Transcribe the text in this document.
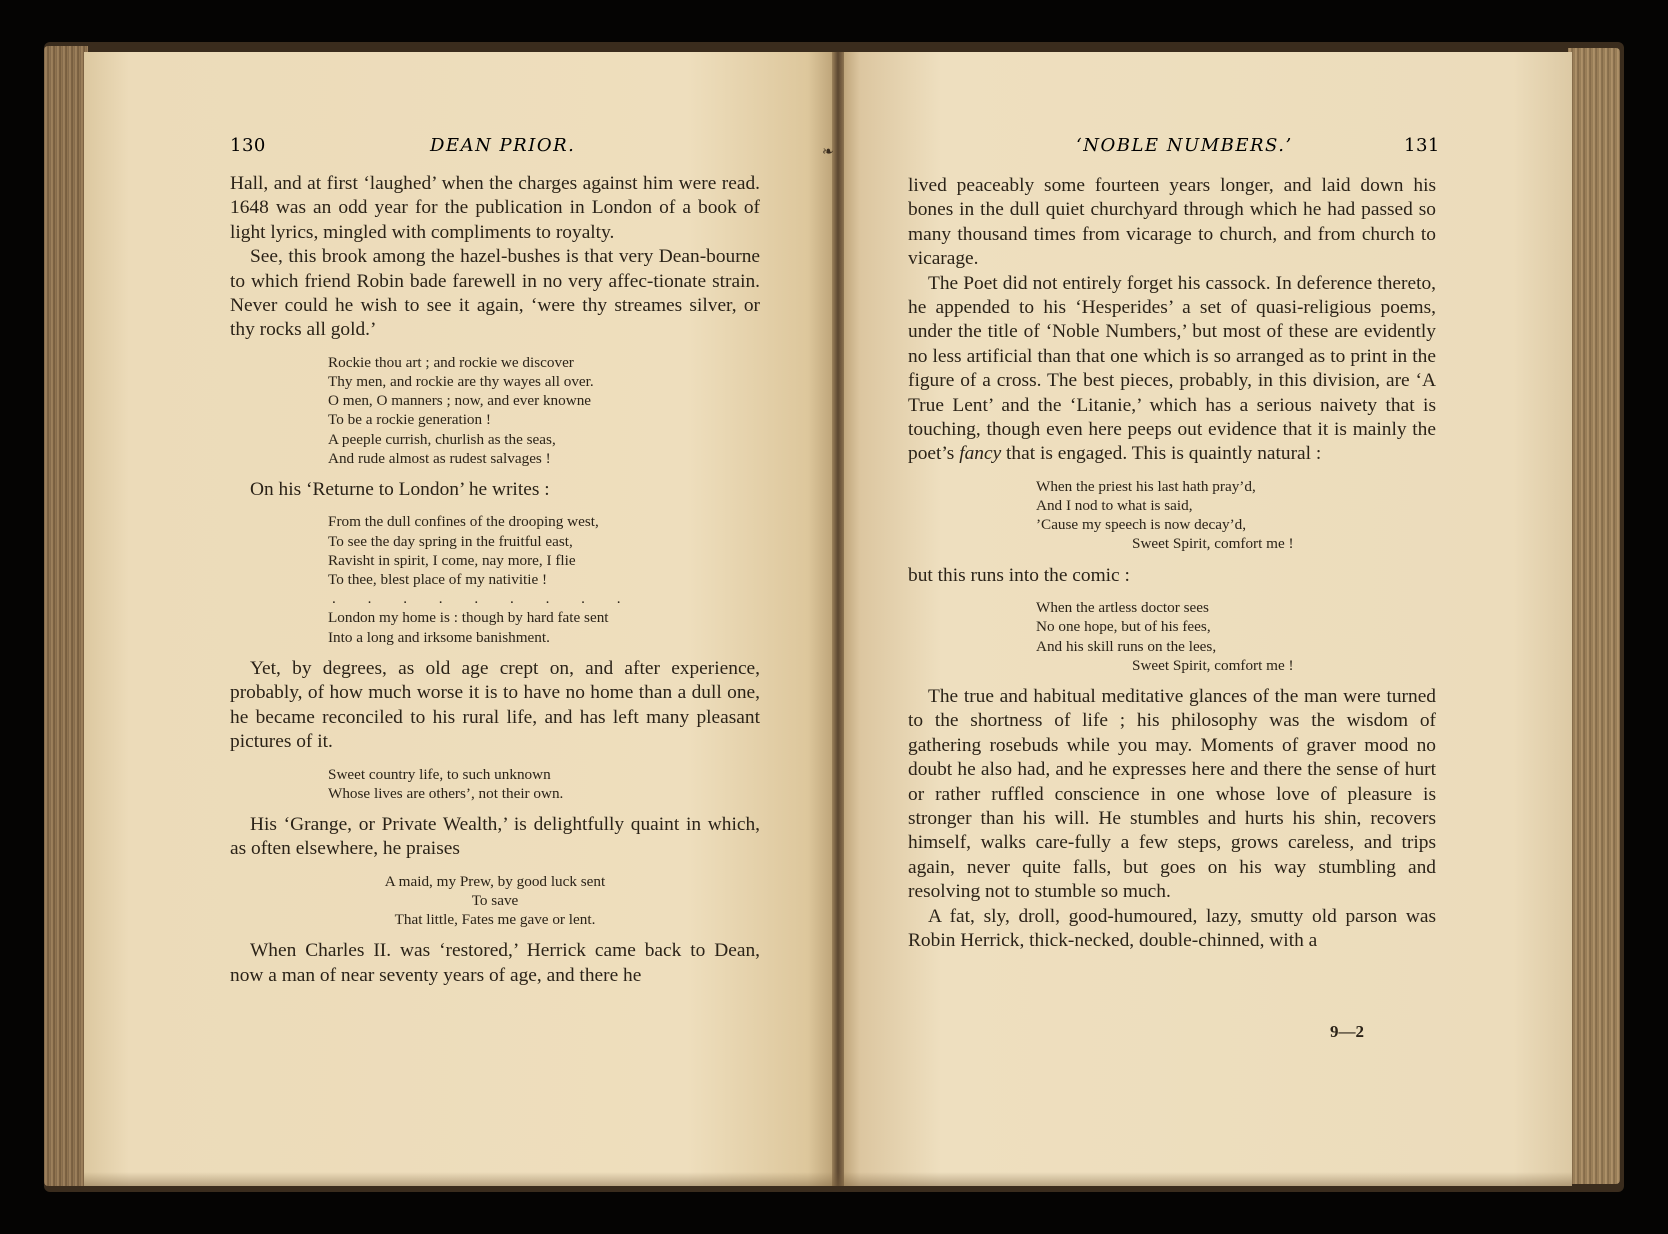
❧
130	DEAN PRIOR.	‘NOBLE NUMBERS.’	131

Hall, and at first ‘laughed’ when the charges against him were read. 1648 was an odd year for the publication in London of a book of light lyrics, mingled with compliments to royalty.

See, this brook among the hazel-bushes is that very Dean-bourne to which friend Robin bade farewell in no very affec-tionate strain. Never could he wish to see it again, ‘were thy streames silver, or thy rocks all gold.’

Rockie thou art ; and rockie we discover
Thy men, and rockie are thy wayes all over.
O men, O manners ; now, and ever knowne
To be a rockie generation !
A peeple currish, churlish as the seas,
And rude almost as rudest salvages !

On his ‘Returne to London’ he writes :

From the dull confines of the drooping west,
To see the day spring in the fruitful east,
Ravisht in spirit, I come, nay more, I flie
To thee, blest place of my nativitie !
. . . . . . . . .
London my home is : though by hard fate sent
Into a long and irksome banishment.

Yet, by degrees, as old age crept on, and after experience, probably, of how much worse it is to have no home than a dull one, he became reconciled to his rural life, and has left many pleasant pictures of it.

Sweet country life, to such unknown
Whose lives are others’, not their own.

His ‘Grange, or Private Wealth,’ is delightfully quaint in which, as often elsewhere, he praises

A maid, my Prew, by good luck sent
To save
That little, Fates me gave or lent.

When Charles II. was ‘restored,’ Herrick came back to Dean, now a man of near seventy years of age, and there he

lived peaceably some fourteen years longer, and laid down his bones in the dull quiet churchyard through which he had passed so many thousand times from vicarage to church, and from church to vicarage.

The Poet did not entirely forget his cassock. In deference thereto, he appended to his ‘Hesperides’ a set of quasi-religious poems, under the title of ‘Noble Numbers,’ but most of these are evidently no less artificial than that one which is so arranged as to print in the figure of a cross. The best pieces, probably, in this division, are ‘A True Lent’ and the ‘Litanie,’ which has a serious naivety that is touching, though even here peeps out evidence that it is mainly the poet’s fancy that is engaged. This is quaintly natural :

When the priest his last hath pray’d,
And I nod to what is said,
’Cause my speech is now decay’d,
Sweet Spirit, comfort me !

but this runs into the comic :

When the artless doctor sees
No one hope, but of his fees,
And his skill runs on the lees,
Sweet Spirit, comfort me !

The true and habitual meditative glances of the man were turned to the shortness of life ; his philosophy was the wisdom of gathering rosebuds while you may. Moments of graver mood no doubt he also had, and he expresses here and there the sense of hurt or rather ruffled conscience in one whose love of pleasure is stronger than his will. He stumbles and hurts his shin, recovers himself, walks care-fully a few steps, grows careless, and trips again, never quite falls, but goes on his way stumbling and resolving not to stumble so much.

A fat, sly, droll, good-humoured, lazy, smutty old parson was Robin Herrick, thick-necked, double-chinned, with a

9—2
